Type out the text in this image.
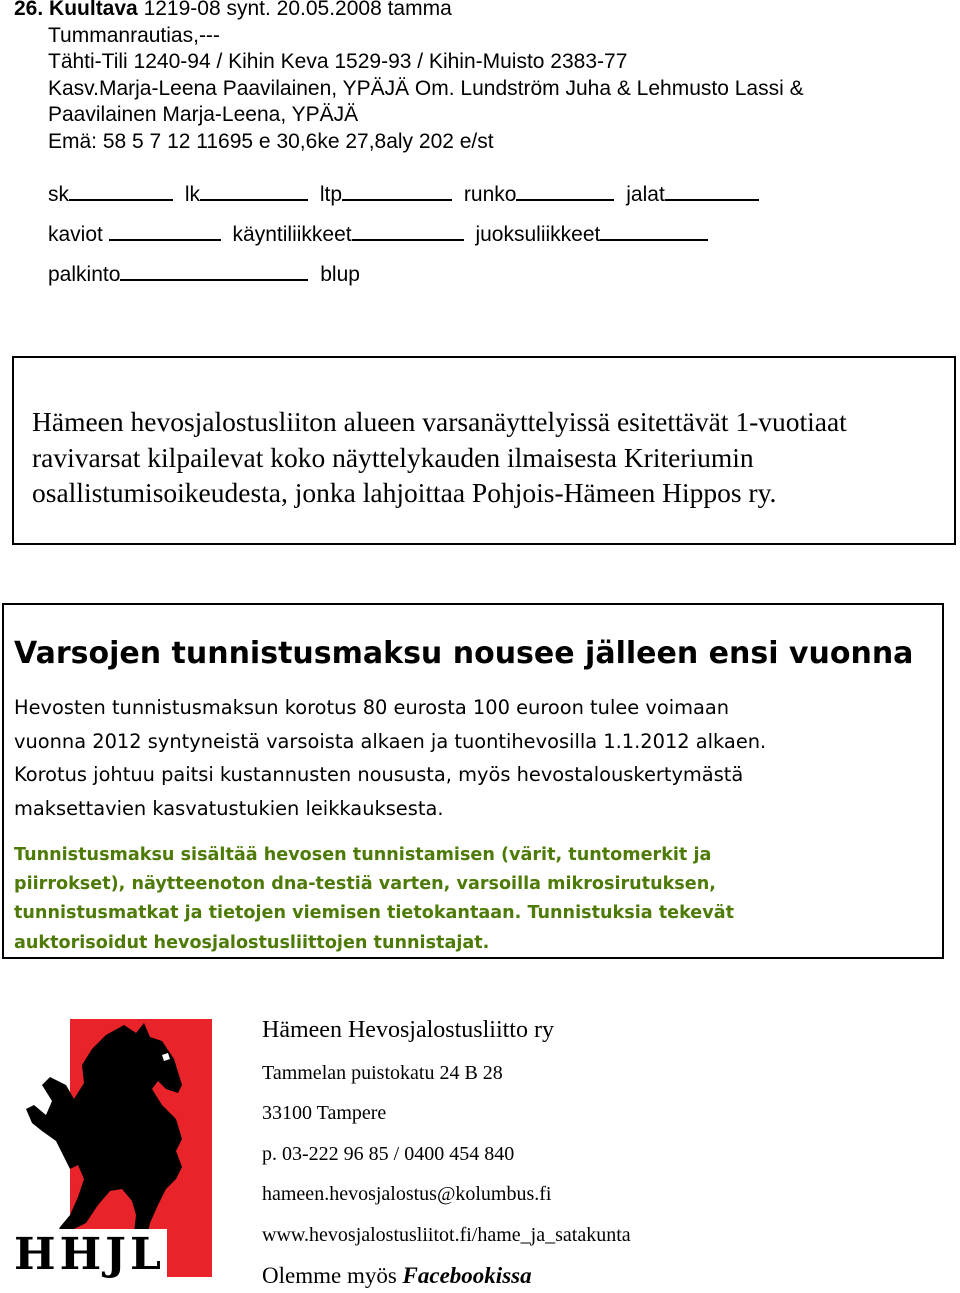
26. Kuultava 1219-08 synt. 20.05.2008 tamma
Tummanrautias,---
Tähti-Tili 1240-94 / Kihin Keva 1529-93 / Kihin-Muisto 2383-77
Kasv.Marja-Leena Paavilainen, YPÄJÄ Om. Lundström Juha & Lehmusto Lassi &
Paavilainen Marja-Leena, YPÄJÄ
Emä: 58 5 7 12 11695 e 30,6ke 27,8aly 202 e/st
sk	lk	ltp	runko	jalat
kaviot	käyntiliikkeet	juoksuliikkeet
palkinto	blup

Hämeen hevosjalostusliiton alueen varsanäyttelyissä esitettävät 1-vuotiaat ravivarsat kilpailevat koko näyttelykauden ilmaisesta Kriteriumin osallistumisoikeudesta, jonka lahjoittaa Pohjois-Hämeen Hippos ry.

Varsojen tunnistusmaksu nousee jälleen ensi vuonna
Hevosten tunnistusmaksun korotus 80 eurosta 100 euroon tulee voimaan
vuonna 2012 syntyneistä varsoista alkaen ja tuontihevosilla 1.1.2012 alkaen.
Korotus johtuu paitsi kustannusten noususta, myös hevostalouskertymästä
maksettavien kasvatustukien leikkauksesta.
Tunnistusmaksu sisältää hevosen tunnistamisen (värit, tuntomerkit ja
piirrokset), näytteenoton dna-testiä varten, varsoilla mikrosirutuksen,
tunnistusmatkat ja tietojen viemisen tietokantaan. Tunnistuksia tekevät
auktorisoidut hevosjalostusliittojen tunnistajat.
HHJL
Hämeen Hevosjalostusliitto ry
Tammelan puistokatu 24 B 28
33100 Tampere
p. 03-222 96 85 / 0400 454 840
hameen.hevosjalostus@kolumbus.fi
www.hevosjalostusliitot.fi/hame_ja_satakunta
Olemme myös Facebookissa
